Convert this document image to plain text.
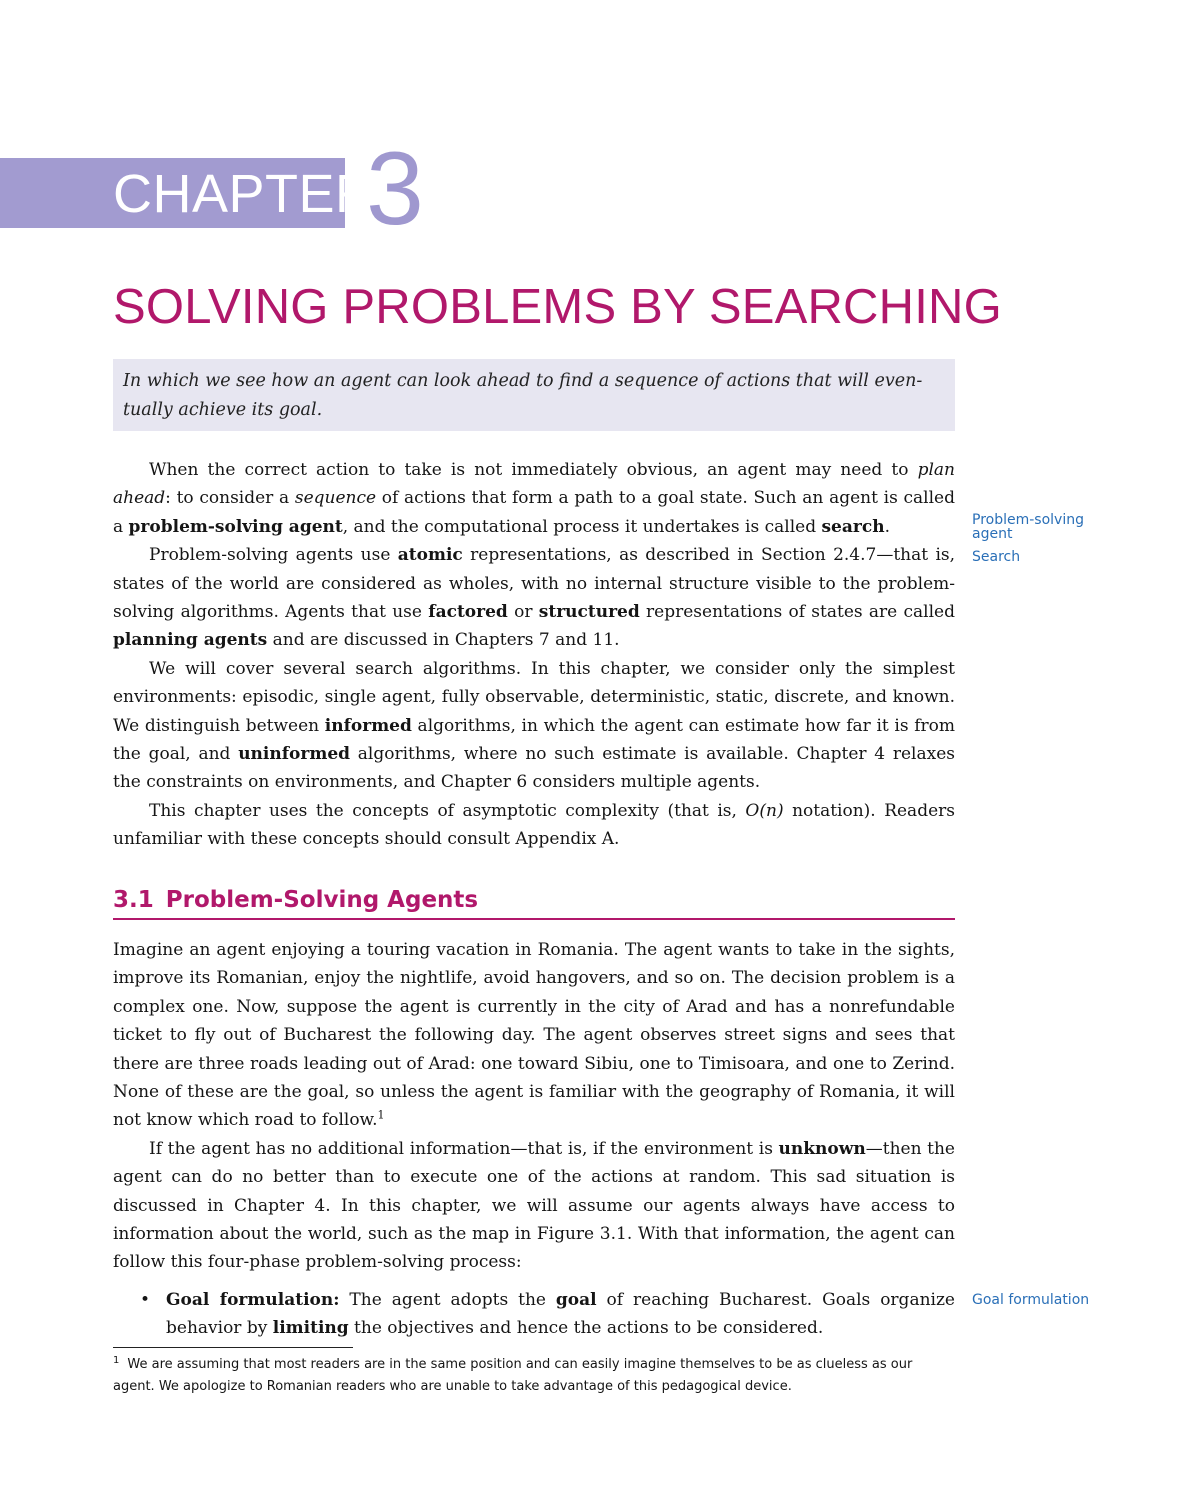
CHAPTER
3
SOLVING PROBLEMS BY SEARCHING
In which we see how an agent can look ahead to find a sequence of actions that will even-
tually achieve its goal.

When the correct action to take is not immediately obvious, an agent may need to plan ahead: to consider a sequence of actions that form a path to a goal state. Such an agent is called a problem-solving agent, and the computational process it undertakes is called search.

Problem-solving agents use atomic representations, as described in Section 2.4.7—that is, states of the world are considered as wholes, with no internal structure visible to the problem-solving algorithms. Agents that use factored or structured representations of states are called planning agents and are discussed in Chapters 7 and 11.

We will cover several search algorithms. In this chapter, we consider only the simplest environments: episodic, single agent, fully observable, deterministic, static, discrete, and known. We distinguish between informed algorithms, in which the agent can estimate how far it is from the goal, and uninformed algorithms, where no such estimate is available. Chapter 4 relaxes the constraints on environments, and Chapter 6 considers multiple agents.

This chapter uses the concepts of asymptotic complexity (that is, O(n) notation). Readers unfamiliar with these concepts should consult Appendix A.

3.1 Problem-Solving Agents

Imagine an agent enjoying a touring vacation in Romania. The agent wants to take in the sights, improve its Romanian, enjoy the nightlife, avoid hangovers, and so on. The decision problem is a complex one. Now, suppose the agent is currently in the city of Arad and has a nonrefundable ticket to fly out of Bucharest the following day. The agent observes street signs and sees that there are three roads leading out of Arad: one toward Sibiu, one to Timisoara, and one to Zerind. None of these are the goal, so unless the agent is familiar with the geography of Romania, it will not know which road to follow.$^1$

If the agent has no additional information—that is, if the environment is unknown—then the agent can do no better than to execute one of the actions at random. This sad situation is discussed in Chapter 4. In this chapter, we will assume our agents always have access to information about the world, such as the map in Figure 3.1. With that information, the agent can follow this four-phase problem-solving process:

• Goal formulation: The agent adopts the goal of reaching Bucharest. Goals organize behavior by limiting the objectives and hence the actions to be considered.
Problem-solving
agent
Search
Goal formulation
$^1$ We are assuming that most readers are in the same position and can easily imagine themselves to be as clueless as our agent. We apologize to Romanian readers who are unable to take advantage of this pedagogical device.
